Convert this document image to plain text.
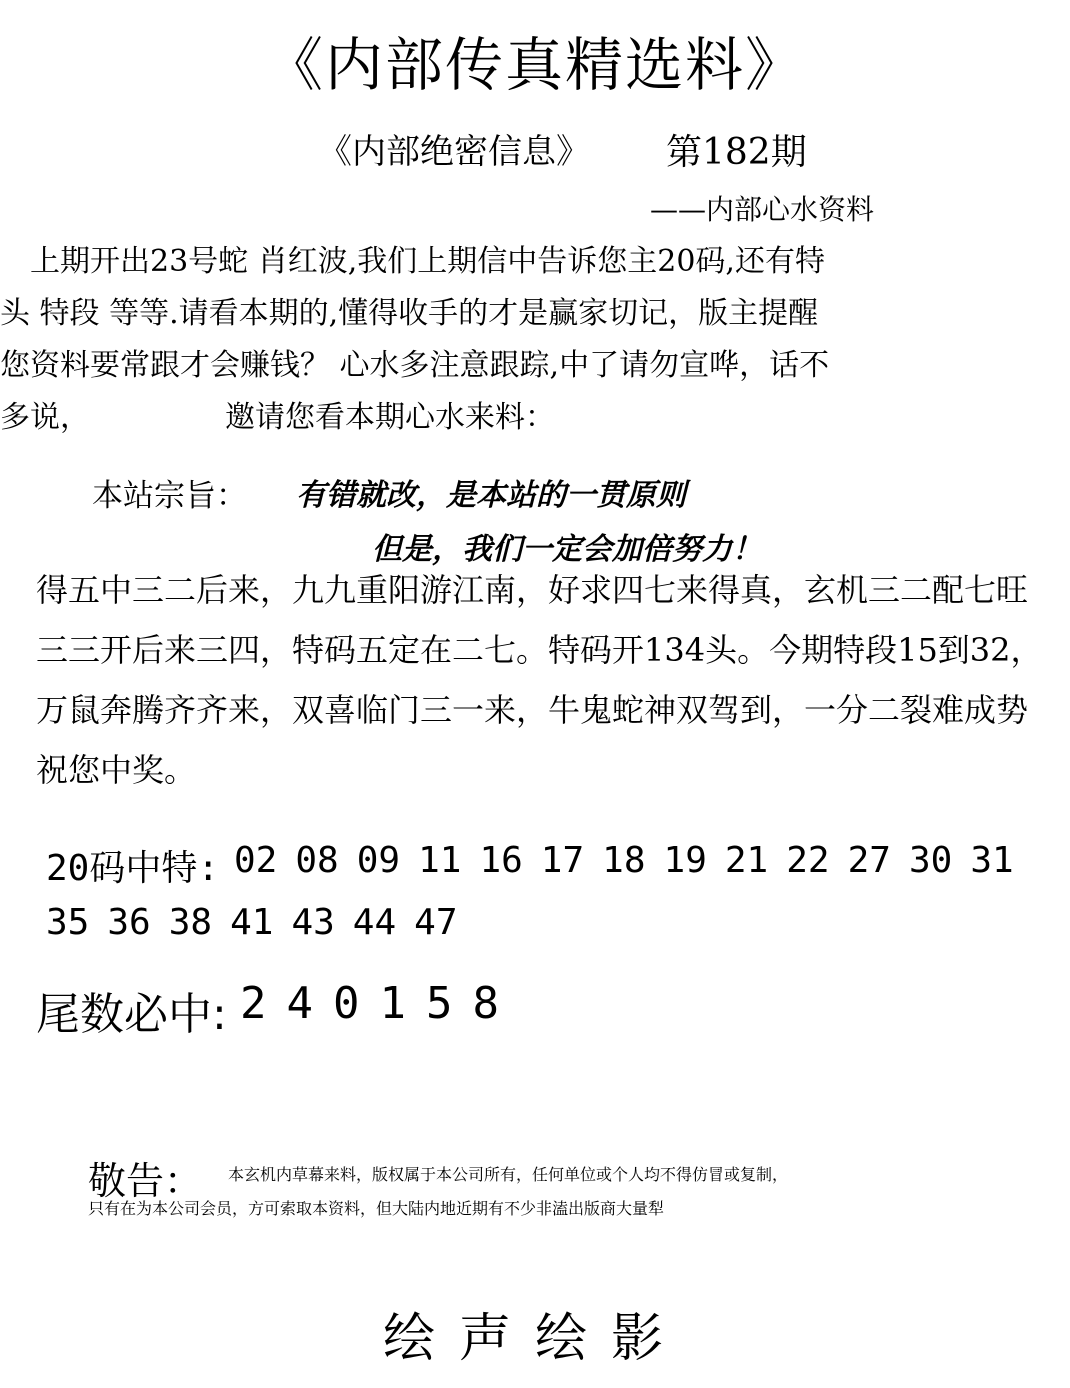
《内部传真精选料》
《内部绝密信息》 第182期
——内部心水资料
　上期开出23号蛇 肖红波,我们上期信中告诉您主20码,还有特
头 特段 等等.请看本期的,懂得收手的才是赢家切记，版主提醒
您资料要常跟才会赚钱？ 心水多注意跟踪,中了请勿宣哗，话不
多说，　　　　　邀请您看本期心水来料：
本站宗旨： 有错就改，是本站的一贯原则
但是，我们一定会加倍努力！
得五中三二后来，九九重阳游江南，好求四七来得真，玄机三二配七旺
三三开后来三四，特码五定在二七。特码开134头。今期特段15到32，
万鼠奔腾齐齐来，双喜临门三一来，牛鬼蛇神双驾到，一分二裂难成势
祝您中奖。
20码中特: 02 08 09 11 16 17 18 19 21 22 27 30 31
35 36 38 41 43 44 47
尾数必中: 2 4 0 1 5 8
敬告： 本玄机内草幕来料，版权属于本公司所有，任何单位或个人均不得仿冒或复制，
只有在为本公司会员，方可索取本资料，但大陆内地近期有不少非溘出版商大量犁
绘声绘影
